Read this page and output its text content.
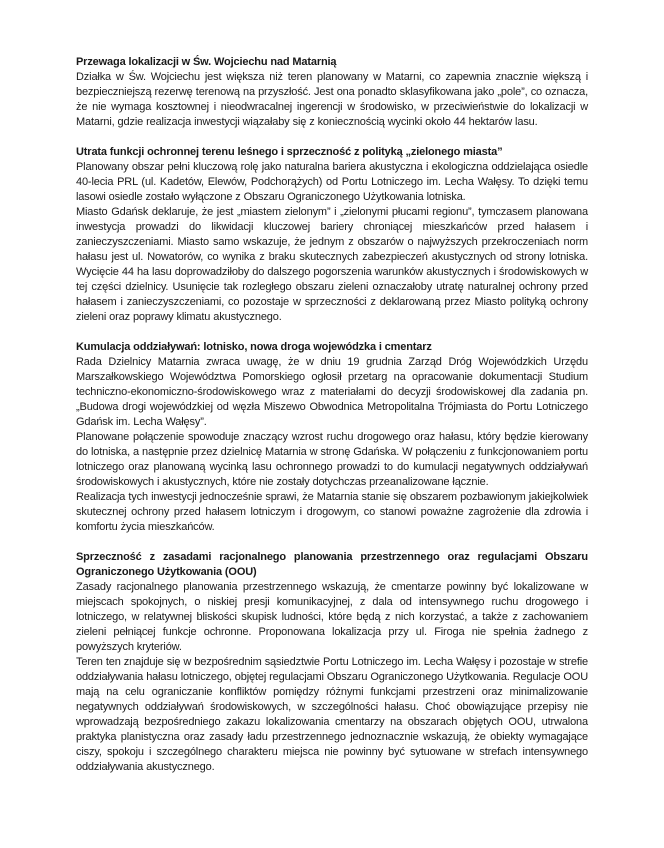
Przewaga lokalizacji w Św. Wojciechu nad Matarnią

Działka w Św. Wojciechu jest większa niż teren planowany w Matarni, co zapewnia znacznie większą i bezpieczniejszą rezerwę terenową na przyszłość. Jest ona ponadto sklasyfikowana jako „pole”, co oznacza, że nie wymaga kosztownej i nieodwracalnej ingerencji w środowisko, w przeciwieństwie do lokalizacji w Matarni, gdzie realizacja inwestycji wiązałaby się z koniecznością wycinki około 44 hektarów lasu.

Utrata funkcji ochronnej terenu leśnego i sprzeczność z polityką „zielonego miasta”

Planowany obszar pełni kluczową rolę jako naturalna bariera akustyczna i ekologiczna oddzielająca osiedle 40-lecia PRL (ul. Kadetów, Elewów, Podchorążych) od Portu Lotniczego im. Lecha Wałęsy. To dzięki temu lasowi osiedle zostało wyłączone z Obszaru Ograniczonego Użytkowania lotniska.

Miasto Gdańsk deklaruje, że jest „miastem zielonym” i „zielonymi płucami regionu”, tymczasem planowana inwestycja prowadzi do likwidacji kluczowej bariery chroniącej mieszkańców przed hałasem i zanieczyszczeniami. Miasto samo wskazuje, że jednym z obszarów o najwyższych przekroczeniach norm hałasu jest ul. Nowatorów, co wynika z braku skutecznych zabezpieczeń akustycznych od strony lotniska. Wycięcie 44 ha lasu doprowadziłoby do dalszego pogorszenia warunków akustycznych i środowiskowych w tej części dzielnicy. Usunięcie tak rozległego obszaru zieleni oznaczałoby utratę naturalnej ochrony przed hałasem i zanieczyszczeniami, co pozostaje w sprzeczności z deklarowaną przez Miasto polityką ochrony zieleni oraz poprawy klimatu akustycznego.

Kumulacja oddziaływań: lotnisko, nowa droga wojewódzka i cmentarz

Rada Dzielnicy Matarnia zwraca uwagę, że w dniu 19 grudnia Zarząd Dróg Wojewódzkich Urzędu Marszałkowskiego Województwa Pomorskiego ogłosił przetarg na opracowanie dokumentacji Studium techniczno-ekonomiczno-środowiskowego wraz z materiałami do decyzji środowiskowej dla zadania pn. „Budowa drogi wojewódzkiej od węzła Miszewo Obwodnica Metropolitalna Trójmiasta do Portu Lotniczego Gdańsk im. Lecha Wałęsy”.

Planowane połączenie spowoduje znaczący wzrost ruchu drogowego oraz hałasu, który będzie kierowany do lotniska, a następnie przez dzielnicę Matarnia w stronę Gdańska. W połączeniu z funkcjonowaniem portu lotniczego oraz planowaną wycinką lasu ochronnego prowadzi to do kumulacji negatywnych oddziaływań środowiskowych i akustycznych, które nie zostały dotychczas przeanalizowane łącznie.

Realizacja tych inwestycji jednocześnie sprawi, że Matarnia stanie się obszarem pozbawionym jakiejkolwiek skutecznej ochrony przed hałasem lotniczym i drogowym, co stanowi poważne zagrożenie dla zdrowia i komfortu życia mieszkańców.

Sprzeczność z zasadami racjonalnego planowania przestrzennego oraz regulacjami Obszaru Ograniczonego Użytkowania (OOU)

Zasady racjonalnego planowania przestrzennego wskazują, że cmentarze powinny być lokalizowane w miejscach spokojnych, o niskiej presji komunikacyjnej, z dala od intensywnego ruchu drogowego i lotniczego, w relatywnej bliskości skupisk ludności, które będą z nich korzystać, a także z zachowaniem zieleni pełniącej funkcje ochronne. Proponowana lokalizacja przy ul. Firoga nie spełnia żadnego z powyższych kryteriów.

Teren ten znajduje się w bezpośrednim sąsiedztwie Portu Lotniczego im. Lecha Wałęsy i pozostaje w strefie oddziaływania hałasu lotniczego, objętej regulacjami Obszaru Ograniczonego Użytkowania. Regulacje OOU mają na celu ograniczanie konfliktów pomiędzy różnymi funkcjami przestrzeni oraz minimalizowanie negatywnych oddziaływań środowiskowych, w szczególności hałasu. Choć obowiązujące przepisy nie wprowadzają bezpośredniego zakazu lokalizowania cmentarzy na obszarach objętych OOU, utrwalona praktyka planistyczna oraz zasady ładu przestrzennego jednoznacznie wskazują, że obiekty wymagające ciszy, spokoju i szczególnego charakteru miejsca nie powinny być sytuowane w strefach intensywnego oddziaływania akustycznego.
